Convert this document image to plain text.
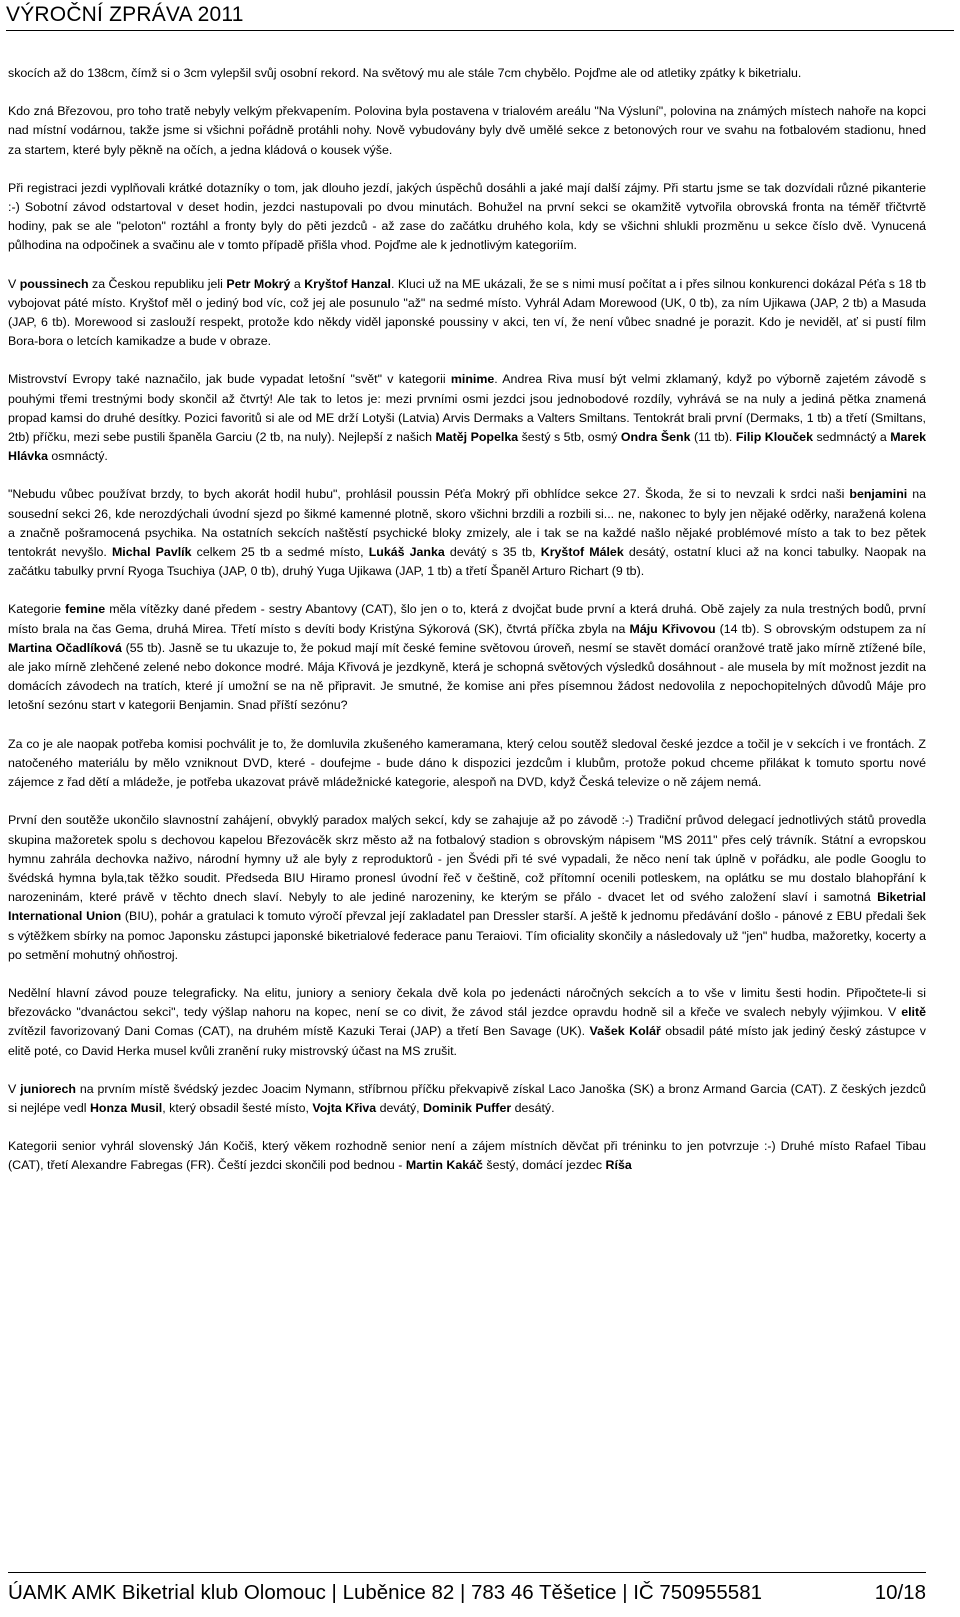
VÝROČNÍ ZPRÁVA 2011

skocích až do 138cm, čímž si o 3cm vylepšil svůj osobní rekord. Na světový mu ale stále 7cm chybělo. Pojďme ale od atletiky zpátky k biketrialu.

Kdo zná Březovou, pro toho tratě nebyly velkým překvapením. Polovina byla postavena v trialovém areálu "Na Výsluní", polovina na známých místech nahoře na kopci nad místní vodárnou, takže jsme si všichni pořádně protáhli nohy. Nově vybudovány byly dvě umělé sekce z betonových rour ve svahu na fotbalovém stadionu, hned za startem, které byly pěkně na očích, a jedna kládová o kousek výše.

Při registraci jezdi vyplňovali krátké dotazníky o tom, jak dlouho jezdí, jakých úspěchů dosáhli a jaké mají další zájmy. Při startu jsme se tak dozvídali různé pikanterie :-) Sobotní závod odstartoval v deset hodin, jezdci nastupovali po dvou minutách. Bohužel na první sekci se okamžitě vytvořila obrovská fronta na téměř třičtvrtě hodiny, pak se ale "peloton" roztáhl a fronty byly do pěti jezdců - až zase do začátku druhého kola, kdy se všichni shlukli prozměnu u sekce číslo dvě. Vynucená půlhodina na odpočinek a svačinu ale v tomto případě přišla vhod. Pojďme ale k jednotlivým kategoriím.

V poussinech za Českou republiku jeli Petr Mokrý a Kryštof Hanzal. Kluci už na ME ukázali, že se s nimi musí počítat a i přes silnou konkurenci dokázal Péťa s 18 tb vybojovat páté místo. Kryštof měl o jediný bod víc, což jej ale posunulo "až" na sedmé místo. Vyhrál Adam Morewood (UK, 0 tb), za ním Ujikawa (JAP, 2 tb) a Masuda (JAP, 6 tb). Morewood si zaslouží respekt, protože kdo někdy viděl japonské poussiny v akci, ten ví, že není vůbec snadné je porazit. Kdo je neviděl, ať si pustí film Bora-bora o letcích kamikadze a bude v obraze.

Mistrovství Evropy také naznačilo, jak bude vypadat letošní "svět" v kategorii minime. Andrea Riva musí být velmi zklamaný, když po výborně zajetém závodě s pouhými třemi trestnými body skončil až čtvrtý! Ale tak to letos je: mezi prvními osmi jezdci jsou jednobodové rozdíly, vyhrává se na nuly a jediná pětka znamená propad kamsi do druhé desítky. Pozici favoritů si ale od ME drží Lotyši (Latvia) Arvis Dermaks a Valters Smiltans. Tentokrát brali první (Dermaks, 1 tb) a třetí (Smiltans, 2tb) příčku, mezi sebe pustili španěla Garciu (2 tb, na nuly). Nejlepší z našich Matěj Popelka šestý s 5tb, osmý Ondra Šenk (11 tb). Filip Klouček sedmnáctý a Marek Hlávka osmnáctý.

"Nebudu vůbec používat brzdy, to bych akorát hodil hubu", prohlásil poussin Péťa Mokrý při obhlídce sekce 27. Škoda, že si to nevzali k srdci naši benjamini na sousední sekci 26, kde nerozdýchali úvodní sjezd po šikmé kamenné plotně, skoro všichni brzdili a rozbili si... ne, nakonec to byly jen nějaké oděrky, naražená kolena a značně pošramocená psychika. Na ostatních sekcích naštěstí psychické bloky zmizely, ale i tak se na každé našlo nějaké problémové místo a tak to bez pětek tentokrát nevyšlo. Michal Pavlík celkem 25 tb a sedmé místo, Lukáš Janka devátý s 35 tb, Kryštof Málek desátý, ostatní kluci až na konci tabulky. Naopak na začátku tabulky první Ryoga Tsuchiya (JAP, 0 tb), druhý Yuga Ujikawa (JAP, 1 tb) a třetí Španěl Arturo Richart (9 tb).

Kategorie femine měla vítězky dané předem - sestry Abantovy (CAT), šlo jen o to, která z dvojčat bude první a která druhá. Obě zajely za nula trestných bodů, první místo brala na čas Gema, druhá Mirea. Třetí místo s devíti body Kristýna Sýkorová (SK), čtvrtá příčka zbyla na Máju Křivovou (14 tb). S obrovským odstupem za ní Martina Očadlíková (55 tb). Jasně se tu ukazuje to, že pokud mají mít české femine světovou úroveň, nesmí se stavět domácí oranžové tratě jako mírně ztížené bíle, ale jako mírně zlehčené zelené nebo dokonce modré. Mája Křivová je jezdkyně, která je schopná světových výsledků dosáhnout - ale musela by mít možnost jezdit na domácích závodech na tratích, které jí umožní se na ně připravit. Je smutné, že komise ani přes písemnou žádost nedovolila z nepochopitelných důvodů Máje pro letošní sezónu start v kategorii Benjamin. Snad příští sezónu?

Za co je ale naopak potřeba komisi pochválit je to, že domluvila zkušeného kameramana, který celou soutěž sledoval české jezdce a točil je v sekcích i ve frontách. Z natočeného materiálu by mělo vzniknout DVD, které - doufejme - bude dáno k dispozici jezdcům i klubům, protože pokud chceme přilákat k tomuto sportu nové zájemce z řad dětí a mládeže, je potřeba ukazovat právě mládežnické kategorie, alespoň na DVD, když Česká televize o ně zájem nemá.

První den soutěže ukončilo slavnostní zahájení, obvyklý paradox malých sekcí, kdy se zahajuje až po závodě :-) Tradiční průvod delegací jednotlivých států provedla skupina mažoretek spolu s dechovou kapelou Březovácěk skrz město až na fotbalový stadion s obrovským nápisem "MS 2011" přes celý trávník. Státní a evropskou hymnu zahrála dechovka naživo, národní hymny už ale byly z reproduktorů - jen Švédi při té své vypadali, že něco není tak úplně v pořádku, ale podle Googlu to švédská hymna byla,tak těžko soudit. Předseda BIU Hiramo pronesl úvodní řeč v češtině, což přítomní ocenili potleskem, na oplátku se mu dostalo blahopřání k narozeninám, které právě v těchto dnech slaví. Nebyly to ale jediné narozeniny, ke kterým se přálo - dvacet let od svého založení slaví i samotná Biketrial International Union (BIU), pohár a gratulaci k tomuto výročí převzal její zakladatel pan Dressler starší. A ještě k jednomu předávání došlo - pánové z EBU předali šek s výtěžkem sbírky na pomoc Japonsku zástupci japonské biketrialové federace panu Teraiovi. Tím oficiality skončily a následovaly už "jen" hudba, mažoretky, kocerty a po setmění mohutný ohňostroj.

Nedělní hlavní závod pouze telegraficky. Na elitu, juniory a seniory čekala dvě kola po jedenácti náročných sekcích a to vše v limitu šesti hodin. Připočtete-li si březovácko "dvanáctou sekci", tedy výšlap nahoru na kopec, není se co divit, že závod stál jezdce opravdu hodně sil a křeče ve svalech nebyly výjimkou. V elitě zvítězil favorizovaný Dani Comas (CAT), na druhém místě Kazuki Terai (JAP) a třetí Ben Savage (UK). Vašek Kolář obsadil páté místo jak jediný český zástupce v elitě poté, co David Herka musel kvůli zranění ruky mistrovský účast na MS zrušit.

V juniorech na prvním místě švédský jezdec Joacim Nymann, stříbrnou příčku překvapivě získal Laco Janoška (SK) a bronz Armand Garcia (CAT). Z českých jezdců si nejlépe vedl Honza Musil, který obsadil šesté místo, Vojta Křiva devátý, Dominik Puffer desátý.

Kategorii senior vyhrál slovenský Ján Kočiš, který věkem rozhodně senior není a zájem místních děvčat při tréninku to jen potvrzuje :-) Druhé místo Rafael Tibau (CAT), třetí Alexandre Fabregas (FR). Čeští jezdci skončili pod bednou - Martin Kakáč šestý, domácí jezdec Ríša

ÚAMK AMK Biketrial klub Olomouc | Luběnice 82 | 783 46 Těšetice | IČ 750955581	10/18
